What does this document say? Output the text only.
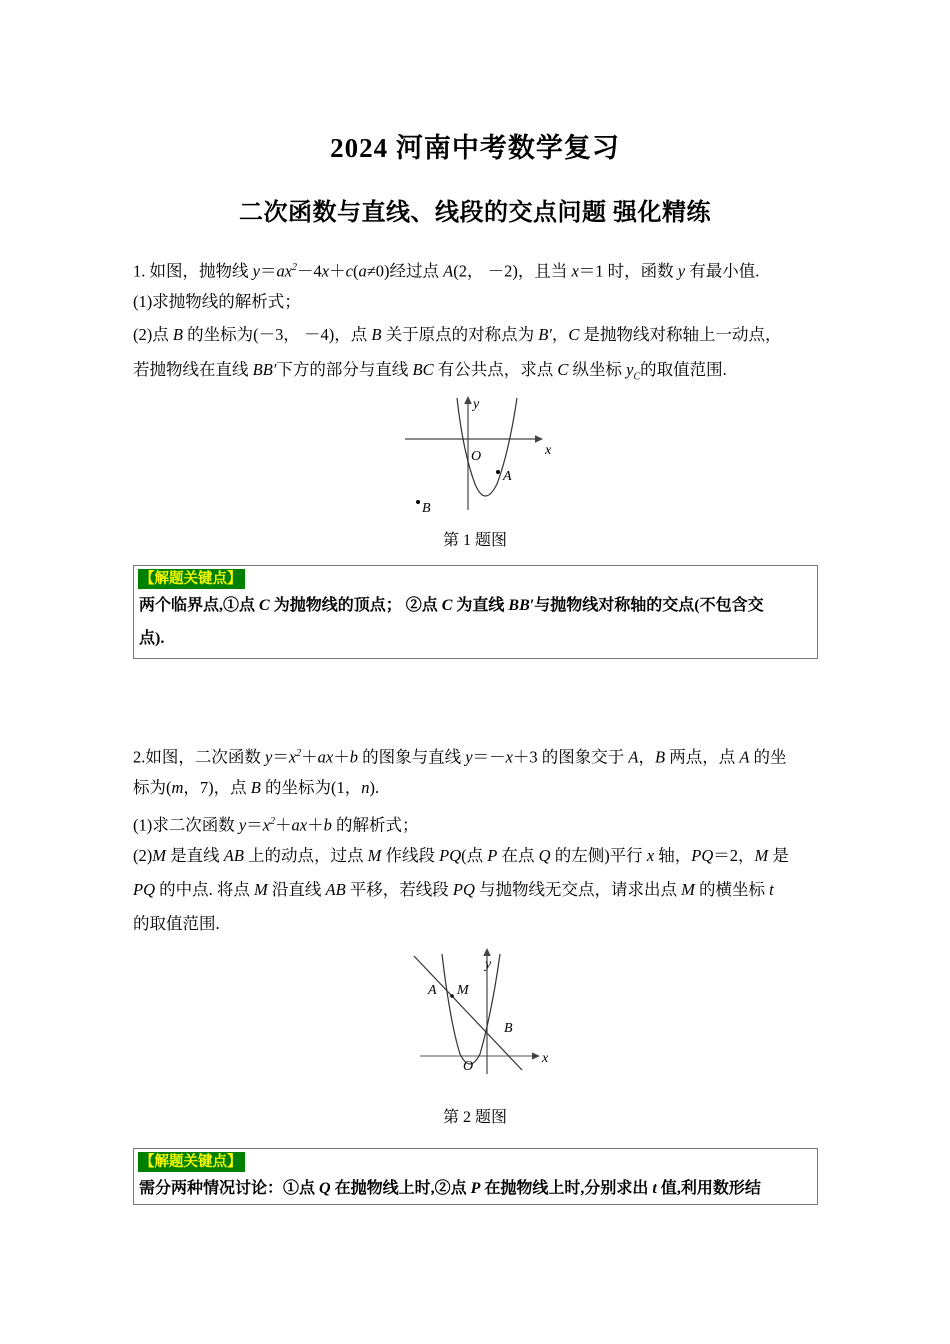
2024 河南中考数学复习
二次函数与直线、线段的交点问题 强化精练
1. 如图，抛物线 $y=ax^2-4x+c(a\ne 0)$经过点 A(2， －2)，且当 x＝1 时，函数 y 有最小值.
(1)求抛物线的解析式；
(2)点 B 的坐标为(－3， －4)，点 B 关于原点的对称点为 B′，C 是抛物线对称轴上一动点，
若抛物线在直线 BB′下方的部分与直线 BC 有公共点，求点 C 纵坐标 $y_C$的取值范围.
O	x
y
A
B
第 1 题图
【解题关键点】
两个临界点,①点 C 为抛物线的顶点； ②点 C 为直线 BB′与抛物线对称轴的交点(不包含交
点).
2.如图，二次函数 $y=x^2+ax+b$ 的图象与直线 y＝－x＋3 的图象交于 A，B 两点，点 A 的坐
标为(m，7)，点 B 的坐标为(1，n).
(1)求二次函数 $y=x^2+ax+b$ 的解析式；
(2)M 是直线 AB 上的动点，过点 M 作线段 PQ(点 P 在点 Q 的左侧)平行 x 轴，PQ＝2，M 是
PQ 的中点. 将点 M 沿直线 AB 平移，若线段 PQ 与抛物线无交点，请求出点 M 的横坐标 t
的取值范围.
y
x
O
A M
B
第 2 题图
【解题关键点】
需分两种情况讨论：①点 Q 在抛物线上时,②点 P 在抛物线上时,分别求出 t 值,利用数形结
